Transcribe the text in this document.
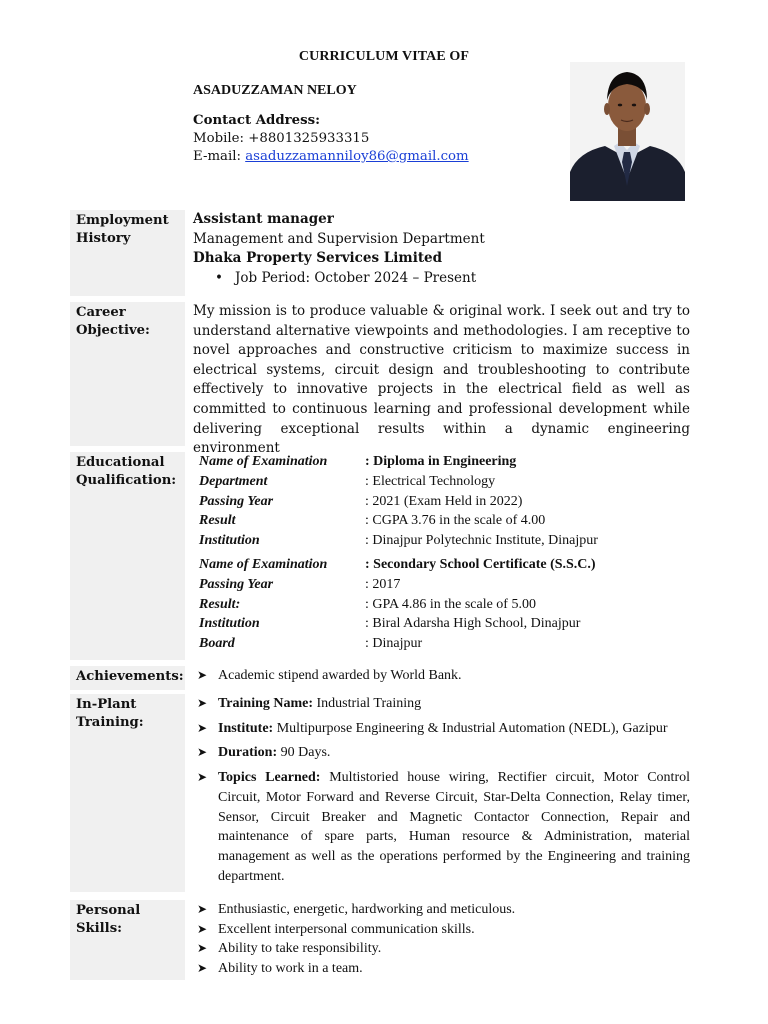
CURRICULUM VITAE OF
ASADUZZAMAN NELOY
Contact Address:
Mobile: +8801325933315
E-mail: asaduzzamanniloy86@gmail.com
Employment History
Assistant manager
Management and Supervision Department
Dhaka Property Services Limited
• Job Period: October 2024 – Present
Career Objective:
My mission is to produce valuable & original work. I seek out and try to understand alternative viewpoints and methodologies. I am receptive to novel approaches and constructive criticism to maximize success in electrical systems, circuit design and troubleshooting to contribute effectively to innovative projects in the electrical field as well as committed to continuous learning and professional development while delivering exceptional results within a dynamic engineering environment
Educational Qualification:
Name of Examination	: Diploma in Engineering
Department	: Electrical Technology
Passing Year	: 2021 (Exam Held in 2022)
Result	: CGPA 3.76 in the scale of 4.00
Institution	: Dinajpur Polytechnic Institute, Dinajpur
Name of Examination	: Secondary School Certificate (S.S.C.)
Passing Year	: 2017
Result:	: GPA 4.86 in the scale of 5.00
Institution	: Biral Adarsha High School, Dinajpur
Board	: Dinajpur
Achievements:
➤	Academic stipend awarded by World Bank.
In-Plant Training:
➤ Training Name: Industrial Training
➤ Institute: Multipurpose Engineering & Industrial Automation (NEDL), Gazipur
➤ Duration: 90 Days.
➤ Topics Learned: Multistoried house wiring, Rectifier circuit, Motor Control Circuit, Motor Forward and Reverse Circuit, Star-Delta Connection, Relay timer, Sensor, Circuit Breaker and Magnetic Contactor Connection, Repair and maintenance of spare parts, Human resource & Administration, material management as well as the operations performed by the Engineering and training department.
Personal Skills:
➤ Enthusiastic, energetic, hardworking and meticulous.
➤ Excellent interpersonal communication skills.
➤ Ability to take responsibility.
➤ Ability to work in a team.
